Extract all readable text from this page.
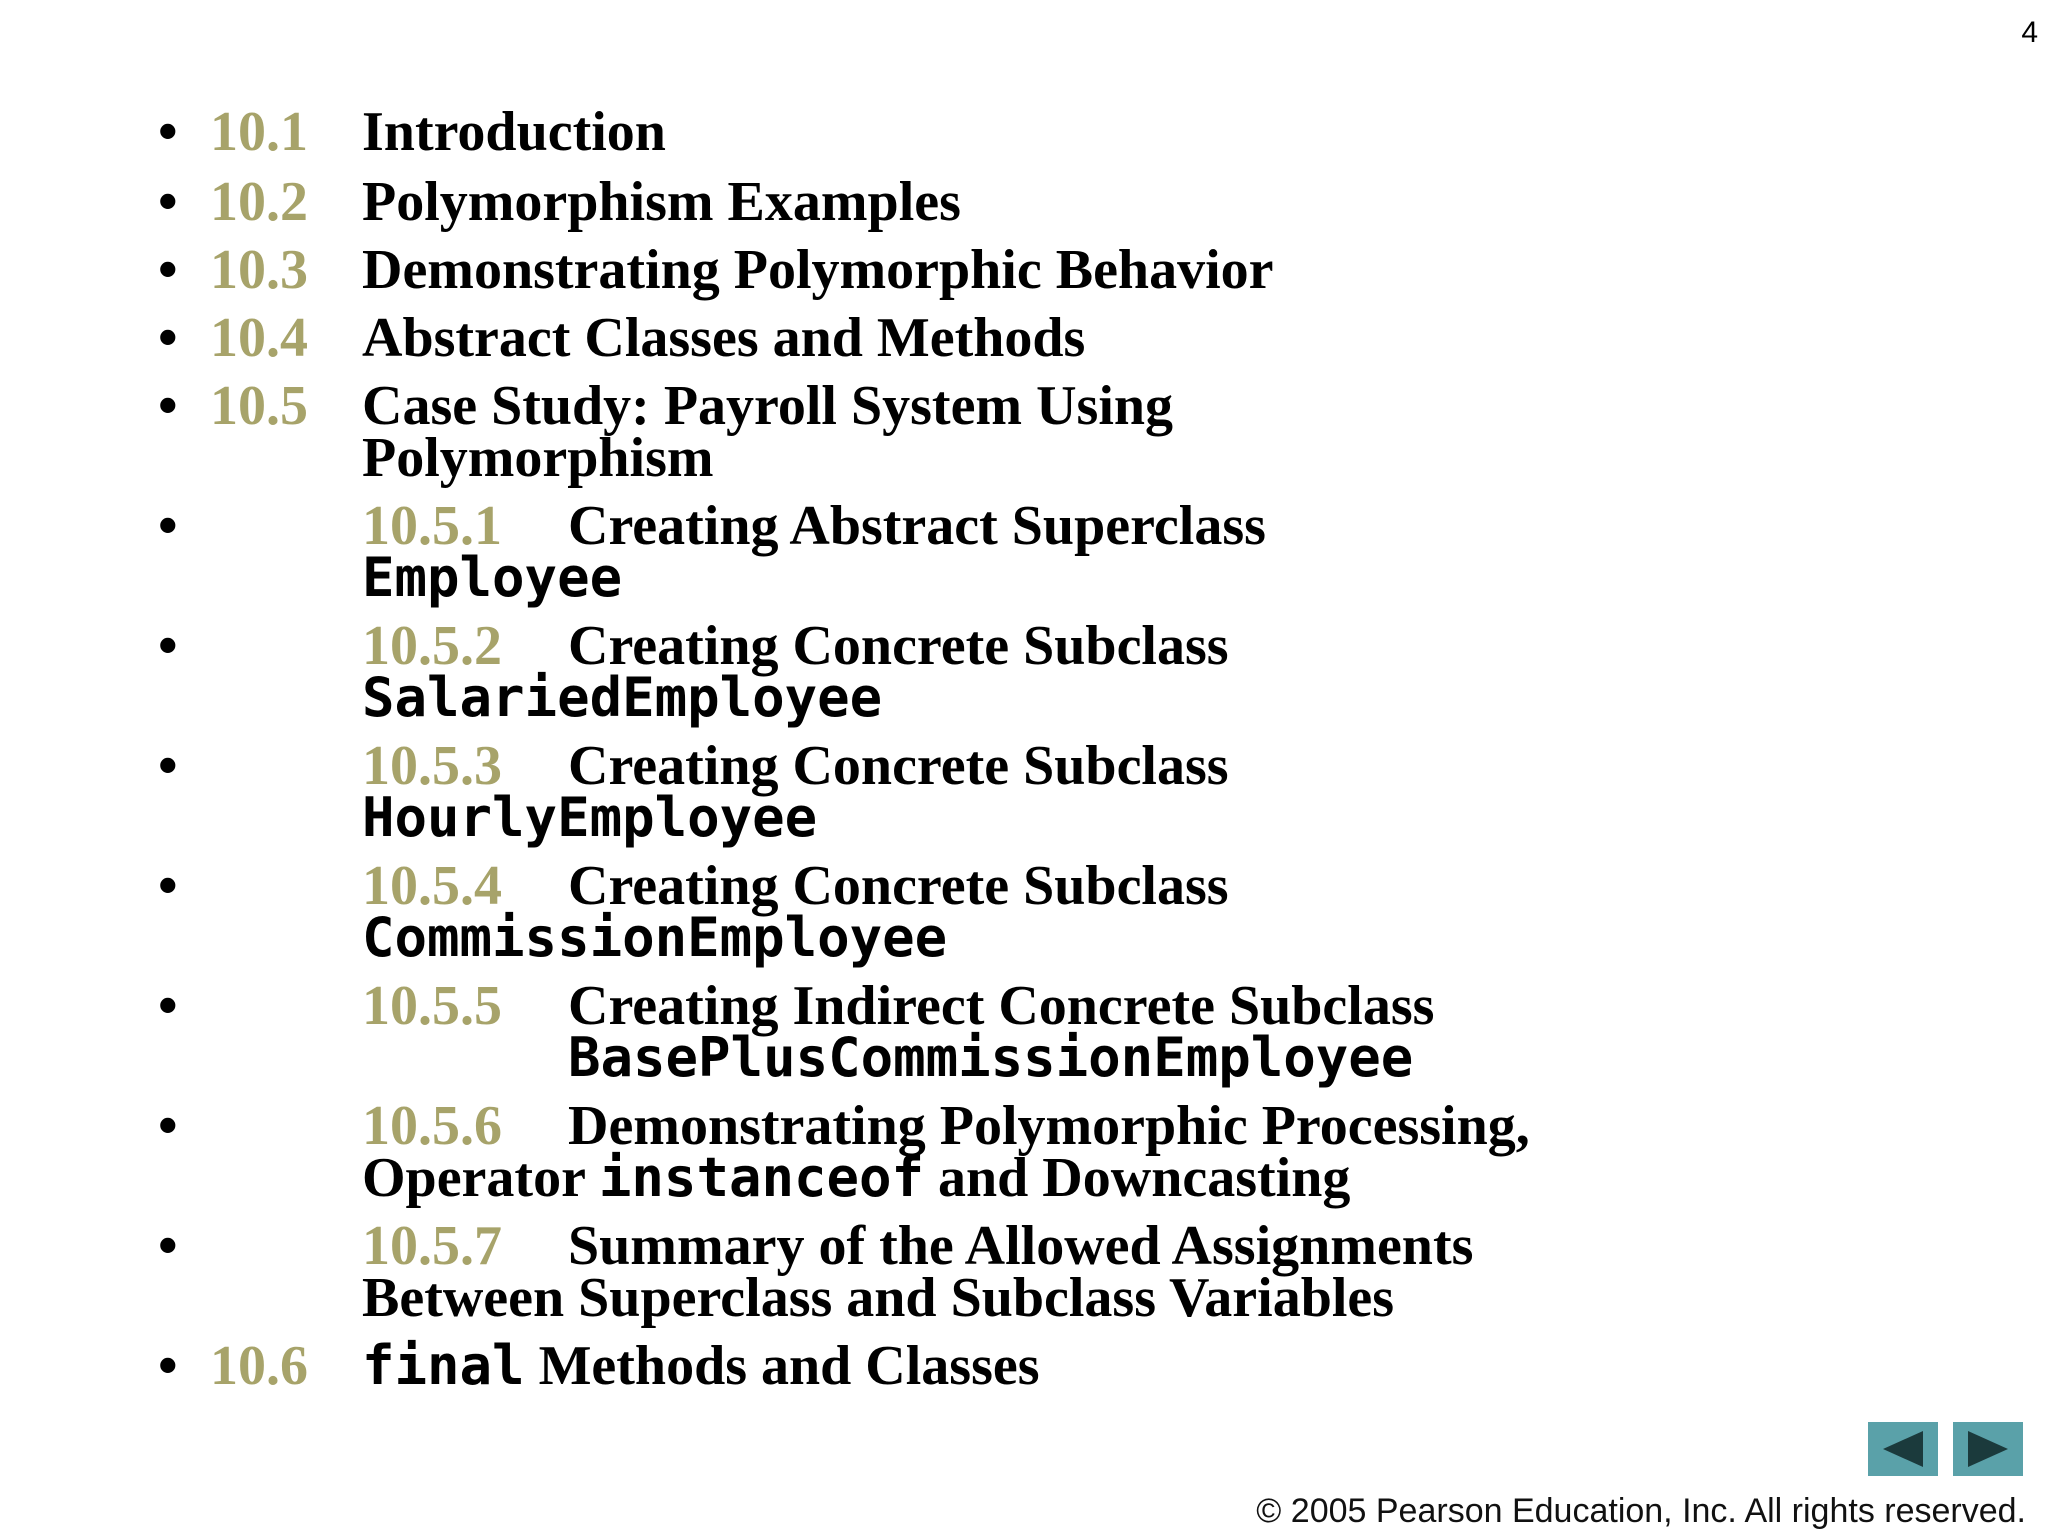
4
• 10.1 Introduction
• 10.2 Polymorphism Examples
• 10.3 Demonstrating Polymorphic Behavior
• 10.4 Abstract Classes and Methods
• 10.5 Case Study: Payroll System Using
Polymorphism
•	10.5.1 Creating Abstract Superclass
Employee
•	10.5.2 Creating Concrete Subclass
SalariedEmployee
•	10.5.3 Creating Concrete Subclass
HourlyEmployee
•	10.5.4 Creating Concrete Subclass
CommissionEmployee
•	10.5.5 Creating Indirect Concrete Subclass
BasePlusCommissionEmployee
•	10.5.6 Demonstrating Polymorphic Processing,
Operator instanceof and Downcasting
•	10.5.7 Summary of the Allowed Assignments
Between Superclass and Subclass Variables
• 10.6 final Methods and Classes
© 2005 Pearson Education, Inc. All rights reserved.
